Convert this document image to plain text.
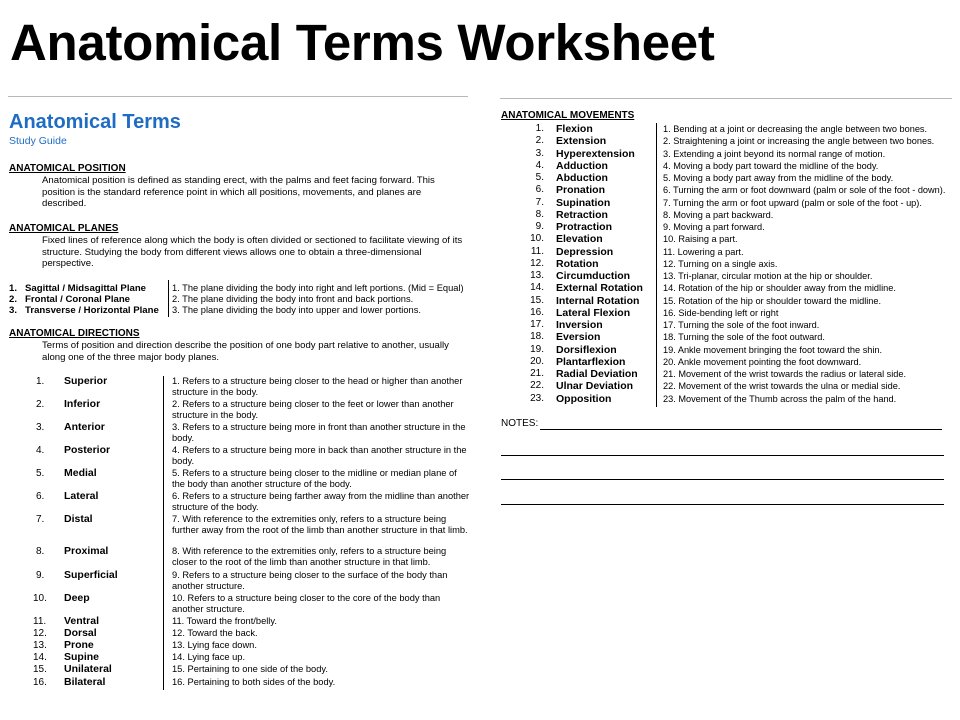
Anatomical Terms Worksheet
Anatomical Terms
Study Guide
ANATOMICAL POSITION
Anatomical position is defined as standing erect, with the palms and feet facing forward. This position is the standard reference point in which all positions, movements, and planes are described.
ANATOMICAL PLANES
Fixed lines of reference along which the body is often divided or sectioned to facilitate viewing of its structure. Studying the body from different views allows one to obtain a three-dimensional perspective.
1. Sagittal / Midsagittal Plane	1. The plane dividing the body into right and left portions. (Mid = Equal)
2. Frontal / Coronal Plane	2. The plane dividing the body into front and back portions.
3. Transverse / Horizontal Plane 3. The plane dividing the body into upper and lower portions.
ANATOMICAL DIRECTIONS
Terms of position and direction describe the position of one body part relative to another, usually along one of the three major body planes.
1. Superior	1. Refers to a structure being closer to the head or higher than another structure in the body.
2. Inferior	2. Refers to a structure being closer to the feet or lower than another structure in the body.
3. Anterior	3. Refers to a structure being more in front than another structure in the body.
4. Posterior	4. Refers to a structure being more in back than another structure in the body.
5. Medial	5. Refers to a structure being closer to the midline or median plane of the body than another structure of the body.
6. Lateral	6. Refers to a structure being farther away from the midline than another structure of the body.
7. Distal	7. With reference to the extremities only, refers to a structure being further away from the root of the limb than another structure in that limb.
8. Proximal	8. With reference to the extremities only, refers to a structure being closer to the root of the limb than another structure in that limb.
9. Superficial	9. Refers to a structure being closer to the surface of the body than another structure.
10. Deep	10. Refers to a structure being closer to the core of the body than another structure.
11. Ventral	11. Toward the front/belly.
12. Dorsal	12. Toward the back.
13. Prone	13. Lying face down.
14. Supine	14. Lying face up.
15. Unilateral	15. Pertaining to one side of the body.
16. Bilateral	16. Pertaining to both sides of the body.
ANATOMICAL MOVEMENTS
1. Flexion	1. Bending at a joint or decreasing the angle between two bones.
2. Extension	2. Straightening a joint or increasing the angle between two bones.
3. Hyperextension	3. Extending a joint beyond its normal range of motion.
4. Adduction	4. Moving a body part toward the midline of the body.
5. Abduction	5. Moving a body part away from the midline of the body.
6. Pronation	6. Turning the arm or foot downward (palm or sole of the foot - down).
7. Supination	7. Turning the arm or foot upward (palm or sole of the foot - up).
8. Retraction	8. Moving a part backward.
9. Protraction	9. Moving a part forward.
10. Elevation	10. Raising a part.
11. Depression	11. Lowering a part.
12. Rotation	12. Turning on a single axis.
13. Circumduction	13. Tri-planar, circular motion at the hip or shoulder.
14. External Rotation 14. Rotation of the hip or shoulder away from the midline.
15. Internal Rotation	15. Rotation of the hip or shoulder toward the midline.
16. Lateral Flexion	16. Side-bending left or right
17. Inversion	17. Turning the sole of the foot inward.
18. Eversion	18. Turning the sole of the foot outward.
19. Dorsiflexion	19. Ankle movement bringing the foot toward the shin.
20. Plantarflexion	20. Ankle movement pointing the foot downward.
21. Radial Deviation	21. Movement of the wrist towards the radius or lateral side.
22. Ulnar Deviation	22. Movement of the wrist towards the ulna or medial side.
23. Opposition	23. Movement of the Thumb across the palm of the hand.
NOTES:
